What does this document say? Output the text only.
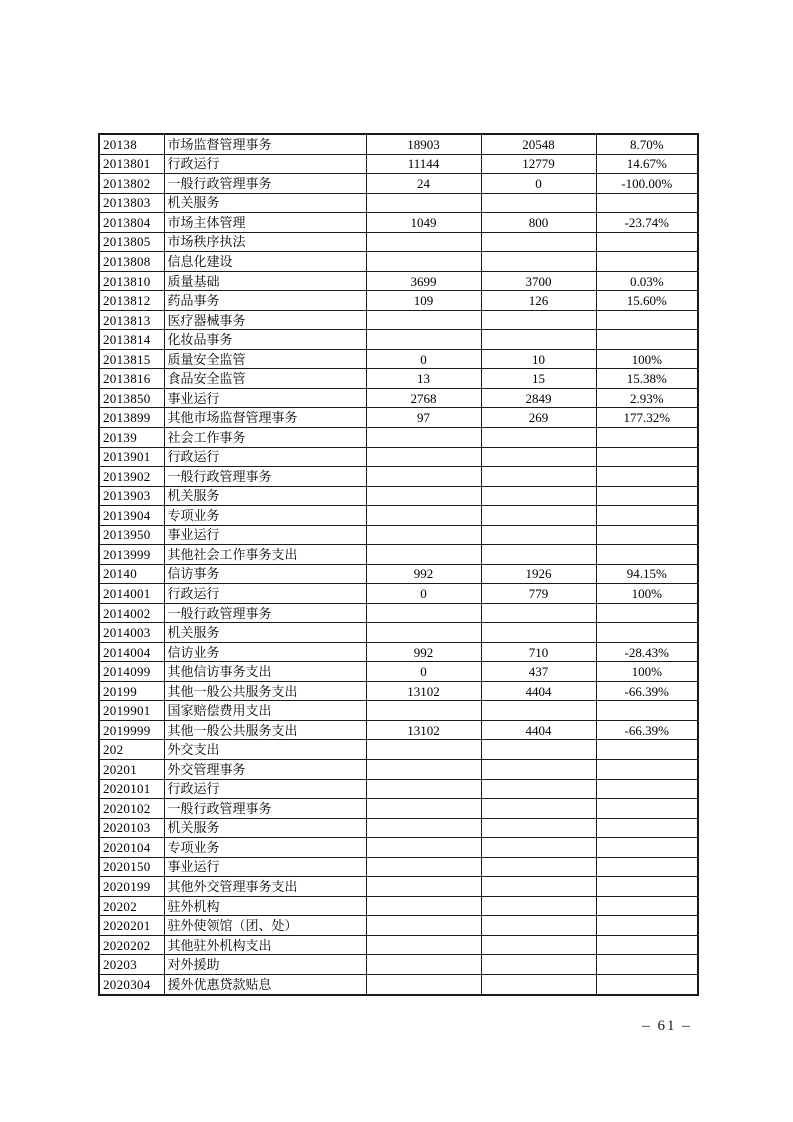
20138	市场监督管理事务	18903	20548	8.70%
2013801	行政运行	11144	12779	14.67%
2013802	一般行政管理事务	24	0	-100.00%
2013803	机关服务			
2013804	市场主体管理	1049	800	-23.74%
2013805	市场秩序执法			
2013808	信息化建设			
2013810	质量基础	3699	3700	0.03%
2013812	药品事务	109	126	15.60%
2013813	医疗器械事务			
2013814	化妆品事务			
2013815	质量安全监管	0	10	100%
2013816	食品安全监管	13	15	15.38%
2013850	事业运行	2768	2849	2.93%
2013899	其他市场监督管理事务	97	269	177.32%
20139	社会工作事务			
2013901	行政运行			
2013902	一般行政管理事务			
2013903	机关服务			
2013904	专项业务			
2013950	事业运行			
2013999	其他社会工作事务支出			
20140	信访事务	992	1926	94.15%
2014001	行政运行	0	779	100%
2014002	一般行政管理事务			
2014003	机关服务			
2014004	信访业务	992	710	-28.43%
2014099	其他信访事务支出	0	437	100%
20199	其他一般公共服务支出	13102	4404	-66.39%
2019901	国家赔偿费用支出			
2019999	其他一般公共服务支出	13102	4404	-66.39%
202	外交支出			
20201	外交管理事务			
2020101	行政运行			
2020102	一般行政管理事务			
2020103	机关服务			
2020104	专项业务			
2020150	事业运行			
2020199	其他外交管理事务支出			
20202	驻外机构			
2020201	驻外使领馆（团、处）			
2020202	其他驻外机构支出			
20203	对外援助			
2020304	援外优惠贷款贴息			
– 61 –
